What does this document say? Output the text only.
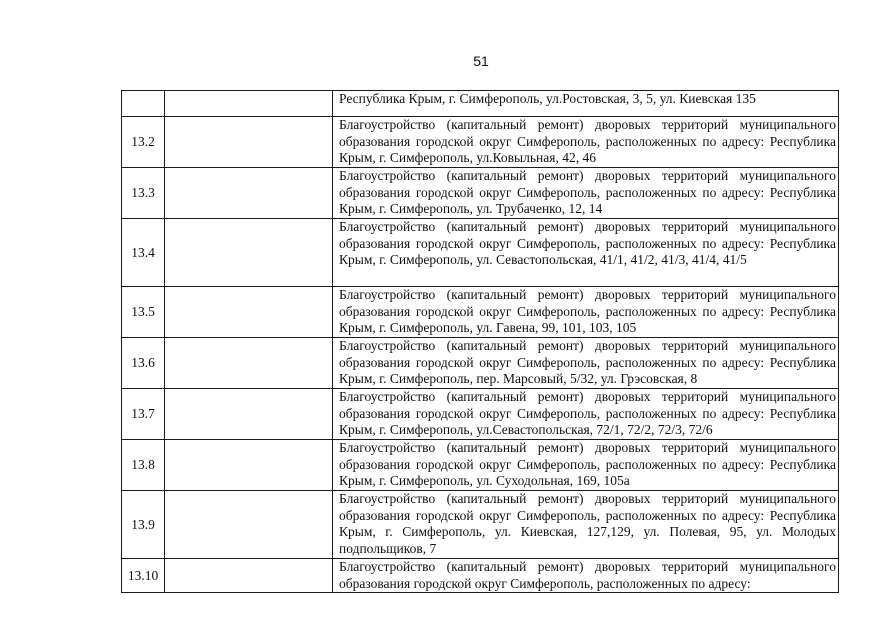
51
		Республика Крым, г. Симферополь, ул.Ростовская, 3, 5, ул. Киевская 135
13.2		Благоустройство (капитальный ремонт) дворовых территорий муниципального образования городской округ Симферополь, расположенных по адресу: Республика Крым, г. Симферополь, ул.Ковыльная, 42, 46
13.3		Благоустройство (капитальный ремонт) дворовых территорий муниципального образования городской округ Симферополь, расположенных по адресу: Республика Крым, г. Симферополь, ул. Трубаченко, 12, 14
13.4		Благоустройство (капитальный ремонт) дворовых территорий муниципального образования городской округ Симферополь, расположенных по адресу: Республика Крым, г. Симферополь, ул. Севастопольская, 41/1, 41/2, 41/3, 41/4, 41/5
13.5		Благоустройство (капитальный ремонт) дворовых территорий муниципального образования городской округ Симферополь, расположенных по адресу: Республика Крым, г. Симферополь, ул. Гавена, 99, 101, 103, 105
13.6		Благоустройство (капитальный ремонт) дворовых территорий муниципального образования городской округ Симферополь, расположенных по адресу: Республика Крым, г. Симферополь, пер. Марсовый, 5/32, ул. Грэсовская, 8
13.7		Благоустройство (капитальный ремонт) дворовых территорий муниципального образования городской округ Симферополь, расположенных по адресу: Республика Крым, г. Симферополь, ул.Севастопольская, 72/1, 72/2, 72/3, 72/6
13.8		Благоустройство (капитальный ремонт) дворовых территорий муниципального образования городской округ Симферополь, расположенных по адресу: Республика Крым, г. Симферополь, ул. Суходольная, 169, 105а
13.9		Благоустройство (капитальный ремонт) дворовых территорий муниципального образования городской округ Симферополь, расположенных по адресу: Республика Крым, г. Симферополь, ул. Киевская, 127,129, ул. Полевая, 95, ул. Молодых подпольщиков, 7
13.10		Благоустройство (капитальный ремонт) дворовых территорий муниципального образования городской округ Симферополь, расположенных по адресу:
